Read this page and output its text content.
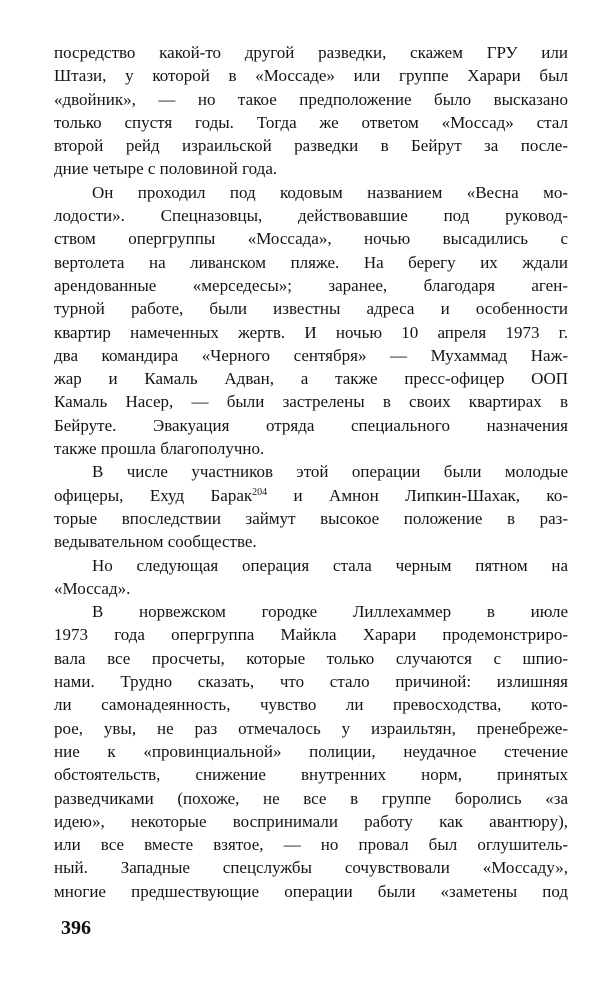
посредство какой-то другой разведки, скажем ГРУ или
Штази, у которой в «Моссаде» или группе Харари был
«двойник», — но такое предположение было высказано
только спустя годы. Тогда же ответом «Моссад» стал
второй рейд израильской разведки в Бейрут за после-
дние четыре с половиной года.
Он проходил под кодовым названием «Весна мо-
лодости». Спецназовцы, действовавшие под руковод-
ством опергруппы «Моссада», ночью высадились с
вертолета на ливанском пляже. На берегу их ждали
арендованные «мерседесы»; заранее, благодаря аген-
турной работе, были известны адреса и особенности
квартир намеченных жертв. И ночью 10 апреля 1973 г.
два командира «Черного сентября» — Мухаммад Наж-
жар и Камаль Адван, а также пресс-офицер ООП
Камаль Насер, — были застрелены в своих квартирах в
Бейруте. Эвакуация отряда специального назначения
также прошла благополучно.
В числе участников этой операции были молодые
офицеры, Ехуд Барак$^{204}$ и Амнон Липкин-Шахак, ко-
торые впоследствии займут высокое положение в раз-
ведывательном сообществе.
Но следующая операция стала черным пятном на
«Моссад».
В норвежском городке Лиллехаммер в июле
1973 года опергруппа Майкла Харари продемонстриро-
вала все просчеты, которые только случаются с шпио-
нами. Трудно сказать, что стало причиной: излишняя
ли самонадеянность, чувство ли превосходства, кото-
рое, увы, не раз отмечалось у израильтян, пренебреже-
ние к «провинциальной» полиции, неудачное стечение
обстоятельств, снижение внутренних норм, принятых
разведчиками (похоже, не все в группе боролись «за
идею», некоторые воспринимали работу как авантюру),
или все вместе взятое, — но провал был оглушитель-
ный. Западные спецслужбы сочувствовали «Моссаду»,
многие предшествующие операции были «заметены под
396
